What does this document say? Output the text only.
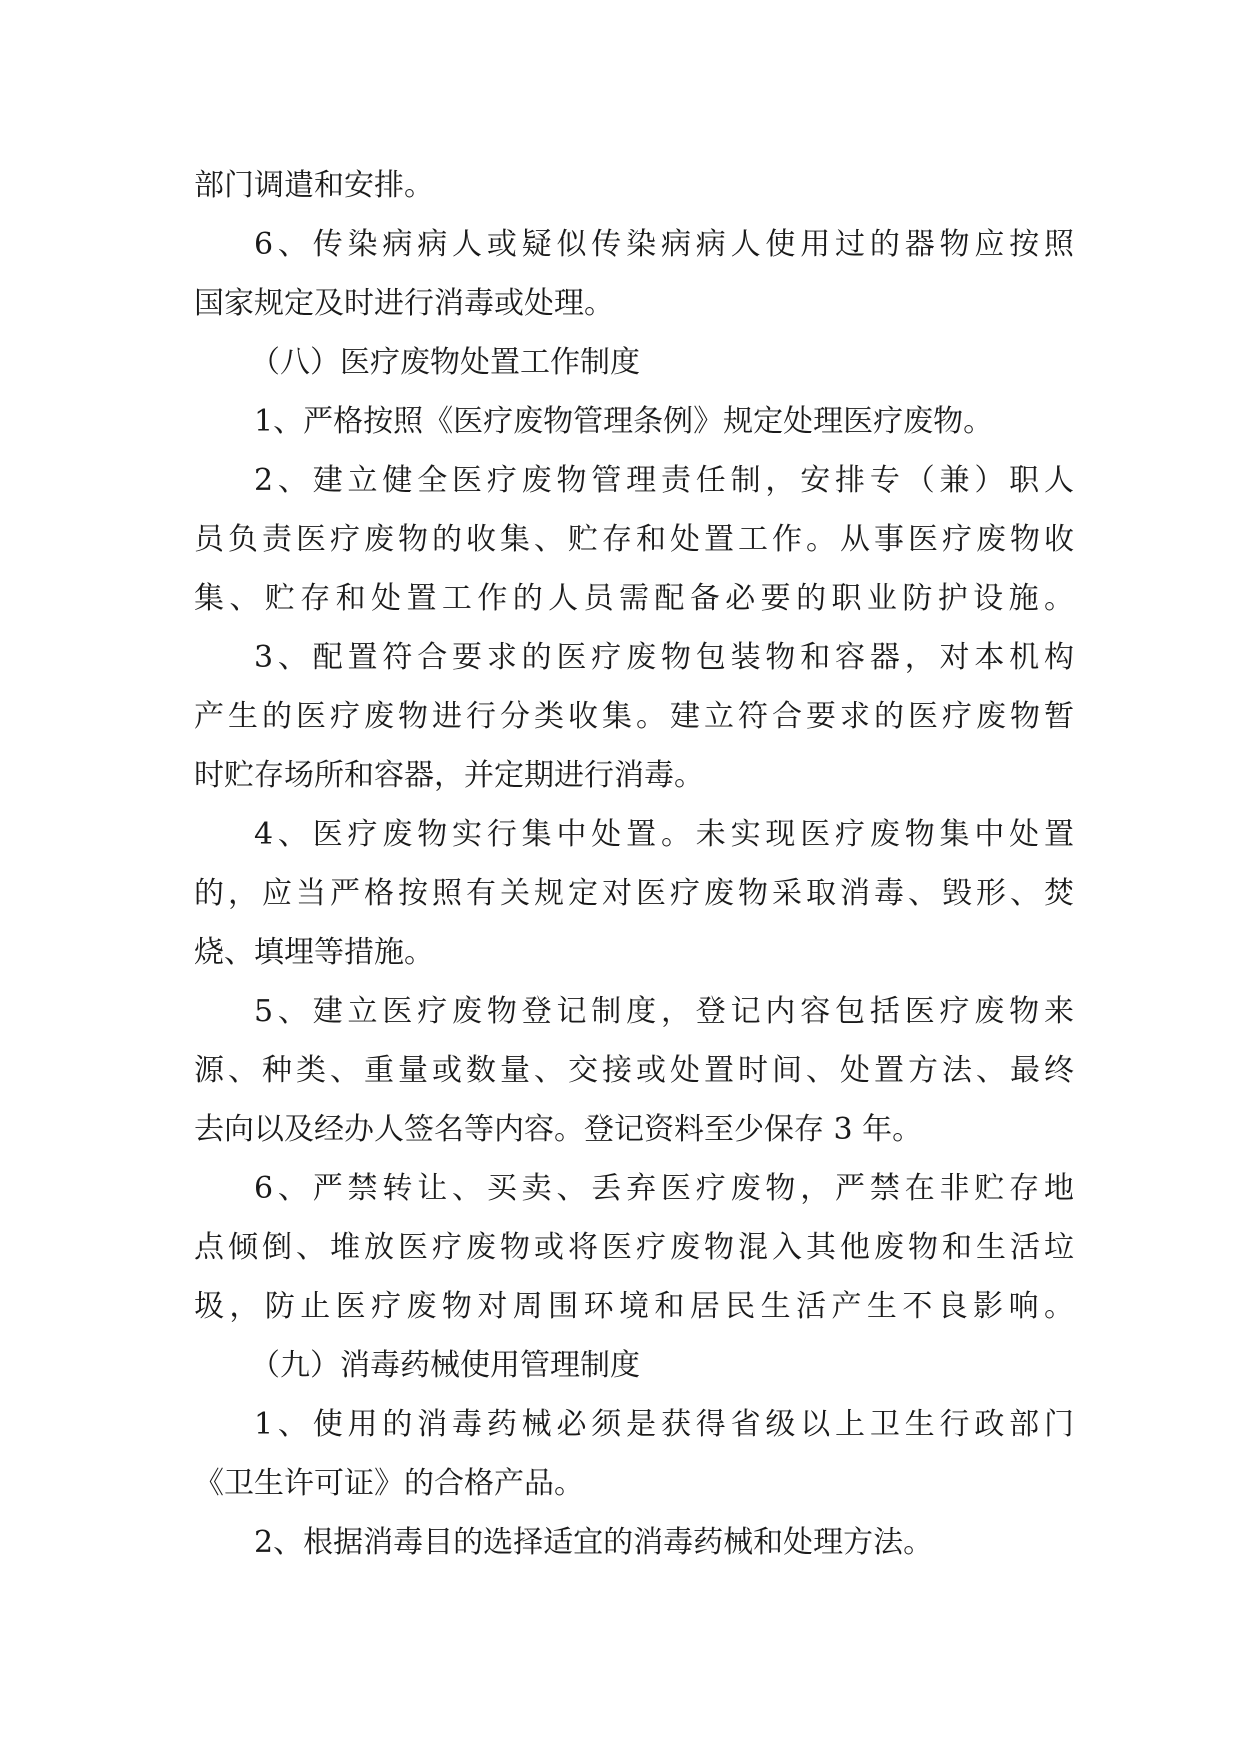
部门调遣和安排。

6、传染病病人或疑似传染病病人使用过的器物应按照

国家规定及时进行消毒或处理。

（八）医疗废物处置工作制度

1、严格按照《医疗废物管理条例》规定处理医疗废物。

2、建立健全医疗废物管理责任制，安排专（兼）职人

员负责医疗废物的收集、贮存和处置工作。从事医疗废物收

集、贮存和处置工作的人员需配备必要的职业防护设施。

3、配置符合要求的医疗废物包装物和容器，对本机构

产生的医疗废物进行分类收集。建立符合要求的医疗废物暂

时贮存场所和容器，并定期进行消毒。

4、医疗废物实行集中处置。未实现医疗废物集中处置

的，应当严格按照有关规定对医疗废物采取消毒、毁形、焚

烧、填埋等措施。

5、建立医疗废物登记制度，登记内容包括医疗废物来

源、种类、重量或数量、交接或处置时间、处置方法、最终

去向以及经办人签名等内容。登记资料至少保存 3 年。

6、严禁转让、买卖、丢弃医疗废物，严禁在非贮存地

点倾倒、堆放医疗废物或将医疗废物混入其他废物和生活垃

圾，防止医疗废物对周围环境和居民生活产生不良影响。

（九）消毒药械使用管理制度

1、使用的消毒药械必须是获得省级以上卫生行政部门

《卫生许可证》的合格产品。

2、根据消毒目的选择适宜的消毒药械和处理方法。
